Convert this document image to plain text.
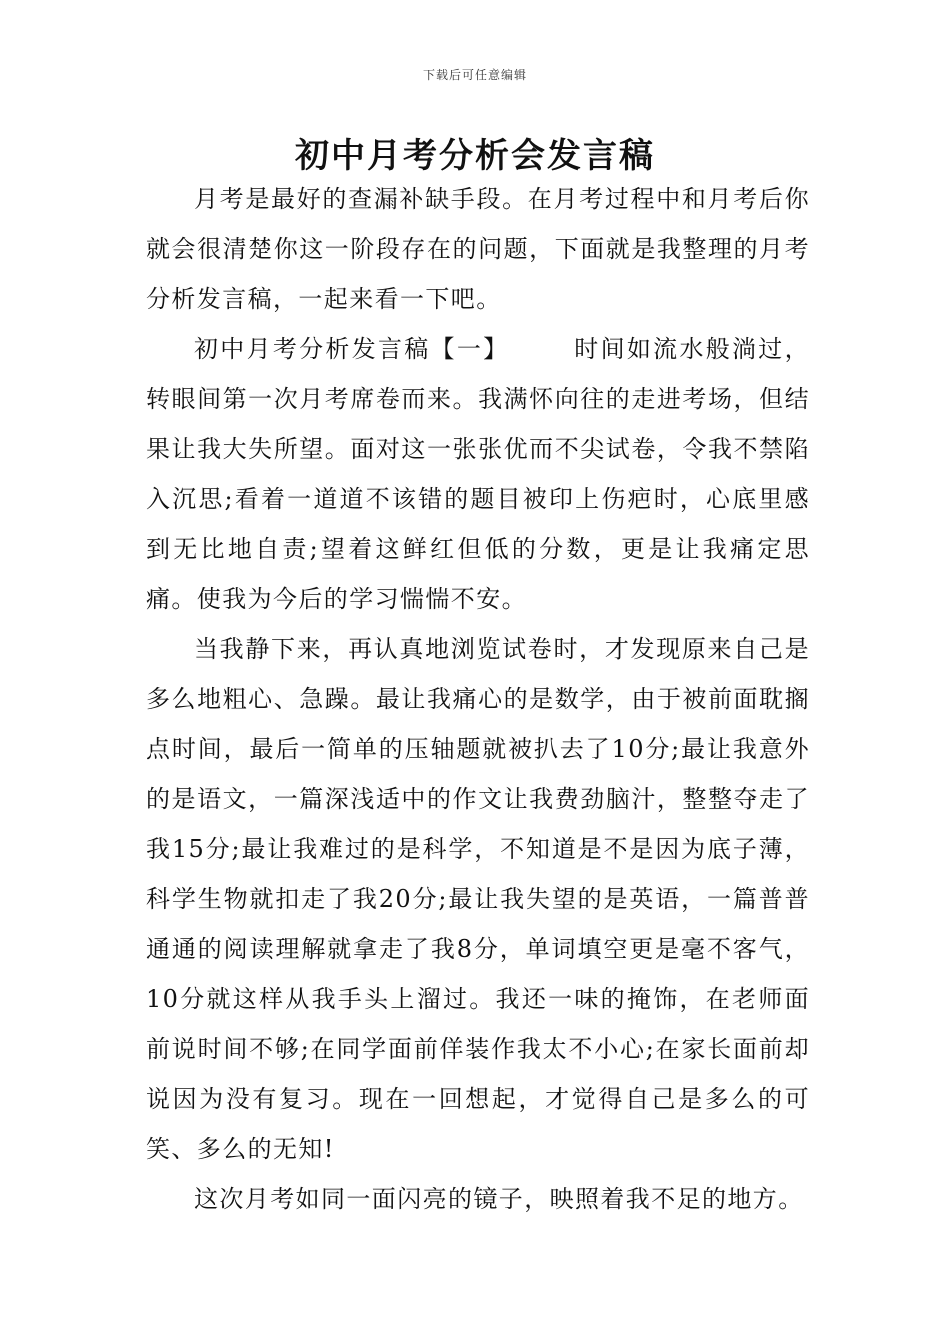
下载后可任意编辑
初中月考分析会发言稿

月考是最好的查漏补缺手段。在月考过程中和月考后你就会很清楚你这一阶段存在的问题，下面就是我整理的月考分析发言稿，一起来看一下吧。

初中月考分析发言稿【一】	时间如流水般淌过，转眼间第一次月考席卷而来。我满怀向往的走进考场，但结果让我大失所望。面对这一张张优而不尖试卷，令我不禁陷入沉思;看着一道道不该错的题目被印上伤疤时，心底里感到无比地自责;望着这鲜红但低的分数，更是让我痛定思痛。使我为今后的学习惴惴不安。

当我静下来，再认真地浏览试卷时，才发现原来自己是多么地粗心、急躁。最让我痛心的是数学，由于被前面耽搁点时间，最后一简单的压轴题就被扒去了10分;最让我意外的是语文，一篇深浅适中的作文让我费劲脑汁，整整夺走了我15分;最让我难过的是科学，不知道是不是因为底子薄，科学生物就扣走了我20分;最让我失望的是英语，一篇普普通通的阅读理解就拿走了我8分，单词填空更是毫不客气，10分就这样从我手头上溜过。我还一味的掩饰，在老师面前说时间不够;在同学面前佯装作我太不小心;在家长面前却说因为没有复习。现在一回想起，才觉得自己是多么的可笑、多么的无知!

这次月考如同一面闪亮的镜子，映照着我不足的地方。
